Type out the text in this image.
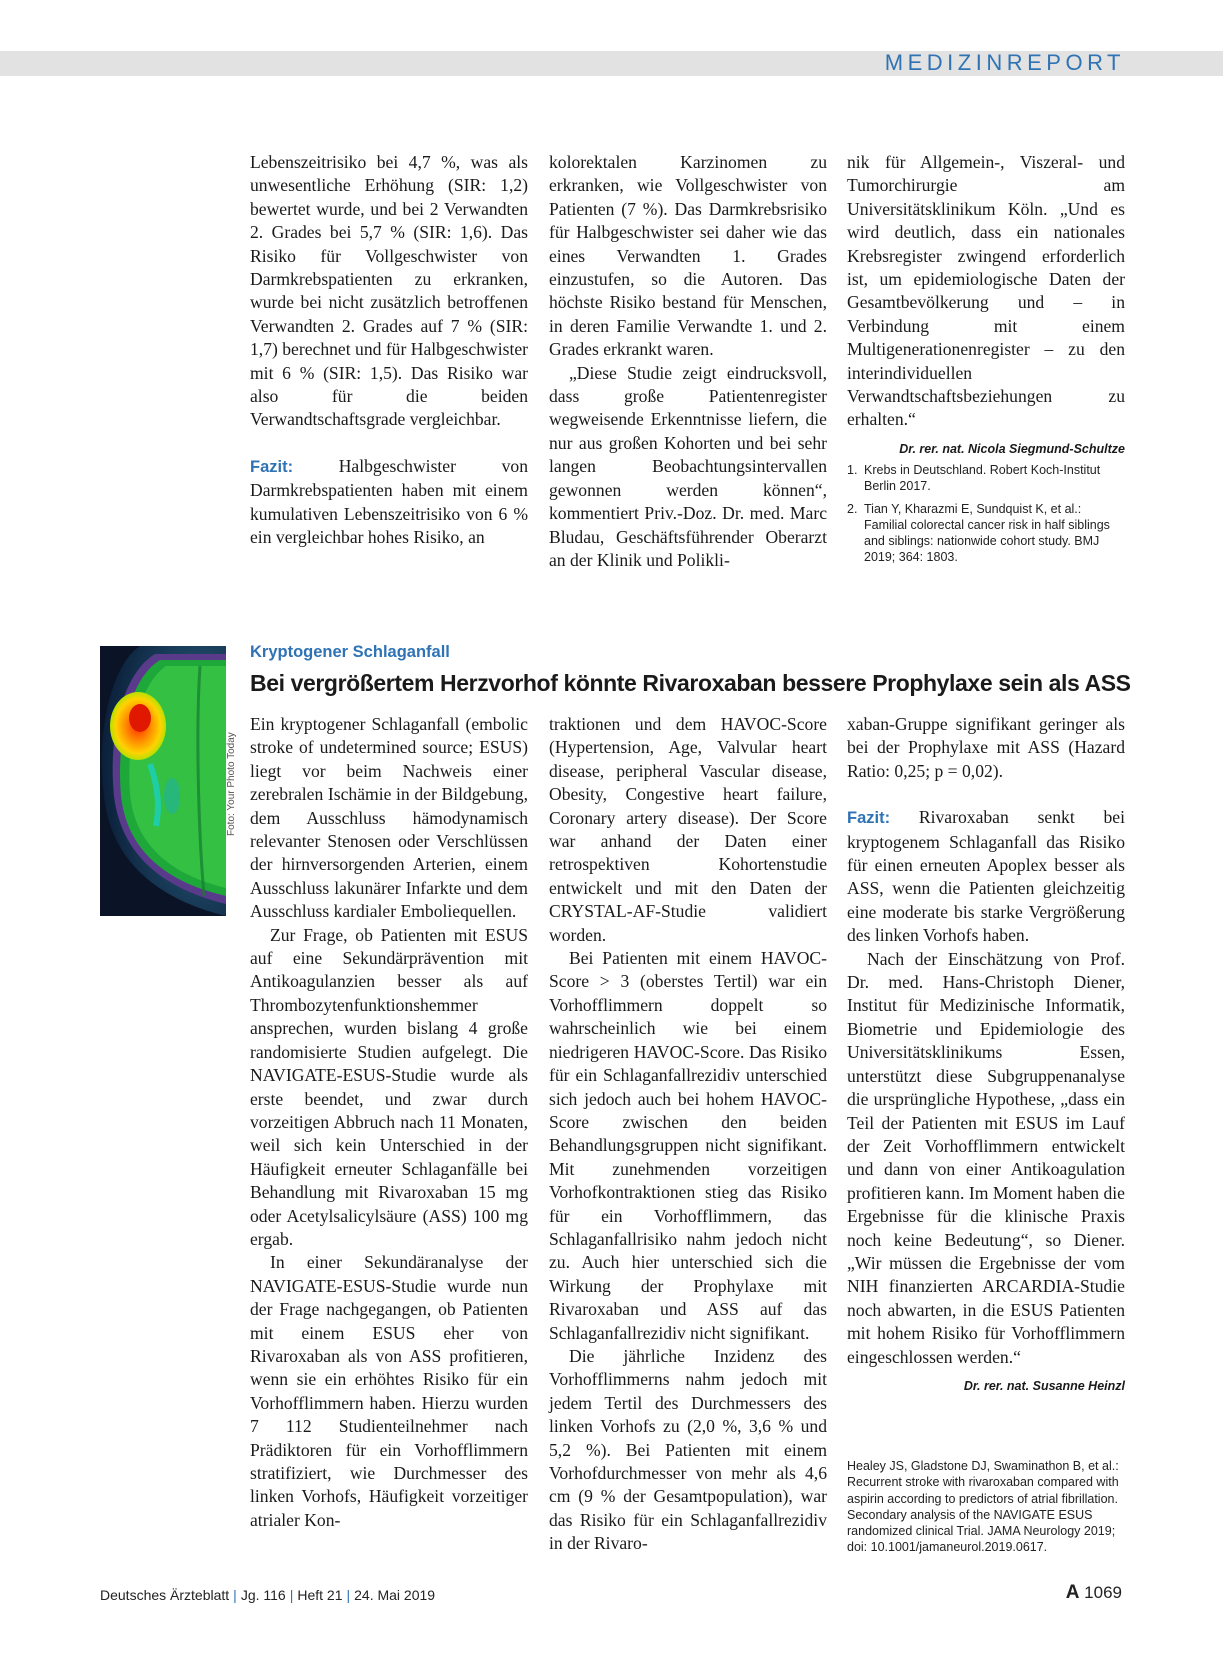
MEDIZINREPORT

Lebenszeitrisiko bei 4,7 %, was als unwesentliche Erhöhung (SIR: 1,2) bewertet wurde, und bei 2 Verwandten 2. Grades bei 5,7 % (SIR: 1,6). Das Risiko für Vollgeschwister von Darmkrebspatienten zu erkranken, wurde bei nicht zusätzlich betroffenen Verwandten 2. Grades auf 7 % (SIR: 1,7) berechnet und für Halbgeschwister mit 6 % (SIR: 1,5). Das Risiko war also für die beiden Verwandtschaftsgrade vergleichbar.

Fazit:	Halbgeschwister von Darmkrebspatienten haben mit einem kumulativen Lebenszeitrisiko von 6 % ein vergleichbar hohes Risiko, an

kolorektalen Karzinomen zu erkranken, wie Vollgeschwister von Patienten (7 %). Das Darmkrebsrisiko für Halbgeschwister sei daher wie das eines Verwandten 1. Grades einzustufen, so die Autoren. Das höchste Risiko bestand für Menschen, in deren Familie Verwandte 1. und 2. Grades erkrankt waren.

„Diese Studie zeigt eindrucksvoll, dass große Patientenregister wegweisende Erkenntnisse liefern, die nur aus großen Kohorten und bei sehr langen Beobachtungsintervallen gewonnen werden können“, kommentiert Priv.-Doz. Dr. med. Marc Bludau, Geschäftsführender Oberarzt an der Klinik und Polikli-

nik für Allgemein-, Viszeral- und Tumorchirurgie am Universitätsklinikum Köln. „Und es wird deutlich, dass ein nationales Krebsregister zwingend erforderlich ist, um epidemiologische Daten der Gesamtbevölkerung und – in Verbindung mit einem Multigenerationenregister – zu den interindividuellen Verwandtschaftsbeziehungen zu erhalten.“

Dr. rer. nat. Nicola Siegmund-Schultze

1. Krebs in Deutschland. Robert Koch-Institut Berlin 2017.
2. Tian Y, Kharazmi E, Sundquist K, et al.: Familial colorectal cancer risk in half siblings and siblings: nationwide cohort study. BMJ 2019; 364: 1803.
Foto: Your Photo Today
Kryptogener Schlaganfall
Bei vergrößertem Herzvorhof könnte Rivaroxaban bessere Prophylaxe sein als ASS

Ein kryptogener Schlaganfall (embolic stroke of undetermined source; ESUS) liegt vor beim Nachweis einer zerebralen Ischämie in der Bildgebung, dem Ausschluss hämodynamisch relevanter Stenosen oder Verschlüssen der hirnversorgenden Arterien, einem Ausschluss lakunärer Infarkte und dem Ausschluss kardialer Emboliequellen.

Zur Frage, ob Patienten mit ESUS auf eine Sekundärprävention mit Antikoagulanzien besser als auf Thrombozytenfunktionshemmer ansprechen, wurden bislang 4 große randomisierte Studien aufgelegt. Die NAVIGATE-ESUS-Studie wurde als erste beendet, und zwar durch vorzeitigen Abbruch nach 11 Monaten, weil sich kein Unterschied in der Häufigkeit erneuter Schlaganfälle bei Behandlung mit Rivaroxaban 15 mg oder Acetylsalicylsäure (ASS) 100 mg ergab.

In einer Sekundäranalyse der NAVIGATE-ESUS-Studie wurde nun der Frage nachgegangen, ob Patienten mit einem ESUS eher von Rivaroxaban als von ASS profitieren, wenn sie ein erhöhtes Risiko für ein Vorhofflimmern haben. Hierzu wurden 7 112 Studienteilnehmer nach Prädiktoren für ein Vorhofflimmern stratifiziert, wie Durchmesser des linken Vorhofs, Häufigkeit vorzeitiger atrialer Kon-

traktionen und dem HAVOC-Score (Hypertension, Age, Valvular heart disease, peripheral Vascular disease, Obesity, Congestive heart failure, Coronary artery disease). Der Score war anhand der Daten einer retrospektiven Kohortenstudie entwickelt und mit den Daten der CRYSTAL-AF-Studie validiert worden.

Bei Patienten mit einem HAVOC-Score > 3 (oberstes Tertil) war ein Vorhofflimmern doppelt so wahrscheinlich wie bei einem niedrigeren HAVOC-Score. Das Risiko für ein Schlaganfallrezidiv unterschied sich jedoch auch bei hohem HAVOC-Score zwischen den beiden Behandlungsgruppen nicht signifikant. Mit zunehmenden vorzeitigen Vorhofkontraktionen stieg das Risiko für ein Vorhofflimmern, das Schlaganfallrisiko nahm jedoch nicht zu. Auch hier unterschied sich die Wirkung der Prophylaxe mit Rivaroxaban und ASS auf das Schlaganfallrezidiv nicht signifikant.

Die jährliche Inzidenz des Vorhofflimmerns nahm jedoch mit jedem Tertil des Durchmessers des linken Vorhofs zu (2,0 %, 3,6 % und 5,2 %). Bei Patienten mit einem Vorhofdurchmesser von mehr als 4,6 cm (9 % der Gesamtpopulation), war das Risiko für ein Schlaganfallrezidiv in der Rivaro-

xaban-Gruppe signifikant geringer als bei der Prophylaxe mit ASS (Hazard Ratio: 0,25; p = 0,02).

Fazit: Rivaroxaban senkt bei kryptogenem Schlaganfall das Risiko für einen erneuten Apoplex besser als ASS, wenn die Patienten gleichzeitig eine moderate bis starke Vergrößerung des linken Vorhofs haben.

Nach der Einschätzung von Prof. Dr. med. Hans-Christoph Diener, Institut für Medizinische Informatik, Biometrie und Epidemiologie des Universitätsklinikums Essen, unterstützt diese Subgruppenanalyse die ursprüngliche Hypothese, „dass ein Teil der Patienten mit ESUS im Lauf der Zeit Vorhofflimmern entwickelt und dann von einer Antikoagulation profitieren kann. Im Moment haben die Ergebnisse für die klinische Praxis noch keine Bedeutung“, so Diener. „Wir müssen die Ergebnisse der vom NIH finanzierten ARCARDIA-Studie noch abwarten, in die ESUS Patienten mit hohem Risiko für Vorhofflimmern eingeschlossen werden.“

Dr. rer. nat. Susanne Heinzl

Healey JS, Gladstone DJ, Swaminathon B, et al.: Recurrent stroke with rivaroxaban compared with aspirin according to predictors of atrial fibrillation. Secondary analysis of the NAVIGATE ESUS randomized clinical Trial. JAMA Neurology 2019; doi: 10.1001/jamaneurol.2019.0617.
Deutsches Ärzteblatt | Jg. 116 | Heft 21 | 24. Mai 2019	A 1069
